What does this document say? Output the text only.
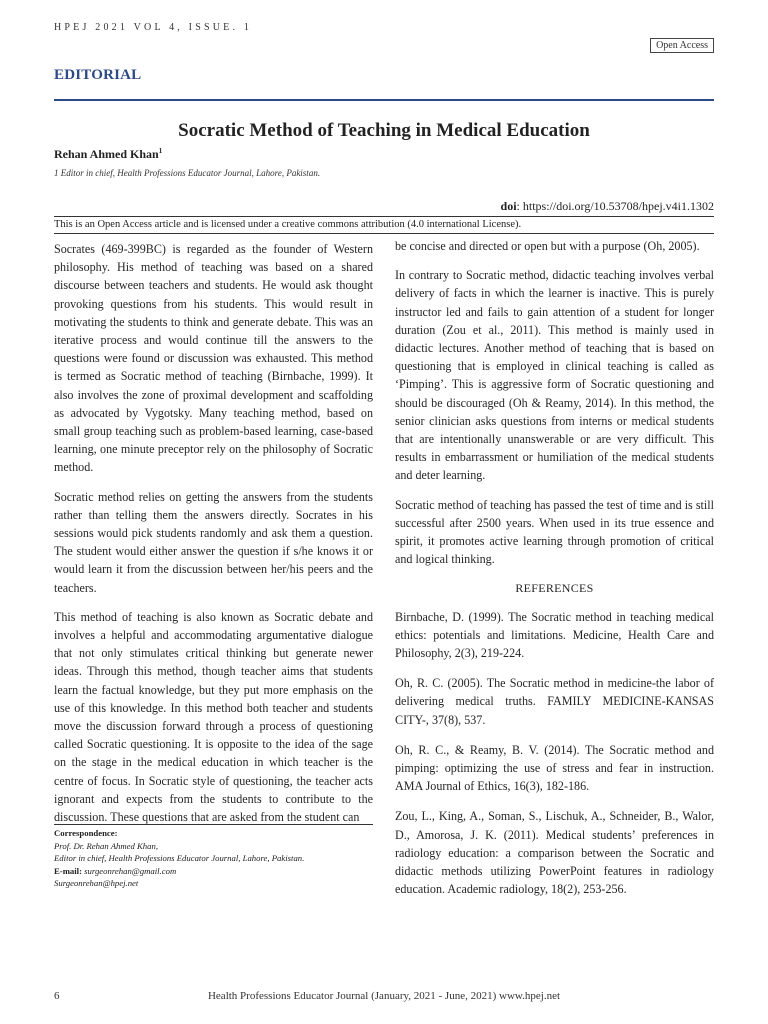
HPEJ 2021 VOL 4, ISSUE. 1
Open Access
EDITORIAL
Socratic Method of Teaching in Medical Education
Rehan Ahmed Khan$^1$
1 Editor in chief, Health Professions Educator Journal, Lahore, Pakistan.
doi: https://doi.org/10.53708/hpej.v4i1.1302
This is an Open Access article and is licensed under a creative commons attribution (4.0 international License).

Socrates (469-399BC) is regarded as the founder of Western philosophy. His method of teaching was based on a shared discourse between teachers and students. He would ask thought provoking questions from his students. This would result in motivating the students to think and generate debate. This was an iterative process and would continue till the answers to the questions were found or discussion was exhausted. This method is termed as Socratic method of teaching (Birnbache, 1999). It also involves the zone of proximal development and scaffolding as advocated by Vygotsky. Many teaching method, based on small group teaching such as problem-based learning, case-based learning, one minute preceptor rely on the philosophy of Socratic method.

Socratic method relies on getting the answers from the students rather than telling them the answers directly. Socrates in his sessions would pick students randomly and ask them a question. The student would either answer the question if s/he knows it or would learn it from the discussion between her/his peers and the teachers.

This method of teaching is also known as Socratic debate and involves a helpful and accommodating argumentative dialogue that not only stimulates critical thinking but generate newer ideas. Through this method, though teacher aims that students learn the factual knowledge, but they put more emphasis on the use of this knowledge. In this method both teacher and students move the discussion forward through a process of questioning called Socratic questioning. It is opposite to the idea of the sage on the stage in the medical education in which teacher is the centre of focus. In Socratic style of questioning, the teacher acts ignorant and expects from the students to contribute to the discussion. These questions that are asked from the student can

be concise and directed or open but with a purpose (Oh, 2005).

In contrary to Socratic method, didactic teaching involves verbal delivery of facts in which the learner is inactive. This is purely instructor led and fails to gain attention of a student for longer duration (Zou et al., 2011). This method is mainly used in didactic lectures. Another method of teaching that is based on questioning that is employed in clinical teaching is called as ‘Pimping’. This is aggressive form of Socratic questioning and should be discouraged (Oh & Reamy, 2014). In this method, the senior clinician asks questions from interns or medical students that are intentionally unanswerable or are very difficult. This results in embarrassment or humiliation of the medical students and deter learning.

Socratic method of teaching has passed the test of time and is still successful after 2500 years. When used in its true essence and spirit, it promotes active learning through promotion of critical and logical thinking.

REFERENCES
Birnbache, D. (1999). The Socratic method in teaching medical ethics: potentials and limitations. Medicine, Health Care and Philosophy, 2(3), 219-224.
Oh, R. C. (2005). The Socratic method in medicine-the labor of delivering medical truths. FAMILY MEDICINE-KANSAS CITY-, 37(8), 537.
Oh, R. C., & Reamy, B. V. (2014). The Socratic method and pimping: optimizing the use of stress and fear in instruction. AMA Journal of Ethics, 16(3), 182-186.
Zou, L., King, A., Soman, S., Lischuk, A., Schneider, B., Walor, D., Amorosa, J. K. (2011). Medical students’ preferences in radiology education: a comparison between the Socratic and didactic methods utilizing PowerPoint features in radiology education. Academic radiology, 18(2), 253-256.
Correspondence:
Prof. Dr. Rehan Ahmed Khan,
Editor in chief, Health Professions Educator Journal, Lahore, Pakistan.
E-mail: surgeonrehan@gmail.com
Surgeonrehan@hpej.net
6	Health Professions Educator Journal (January, 2021 - June, 2021) www.hpej.net
